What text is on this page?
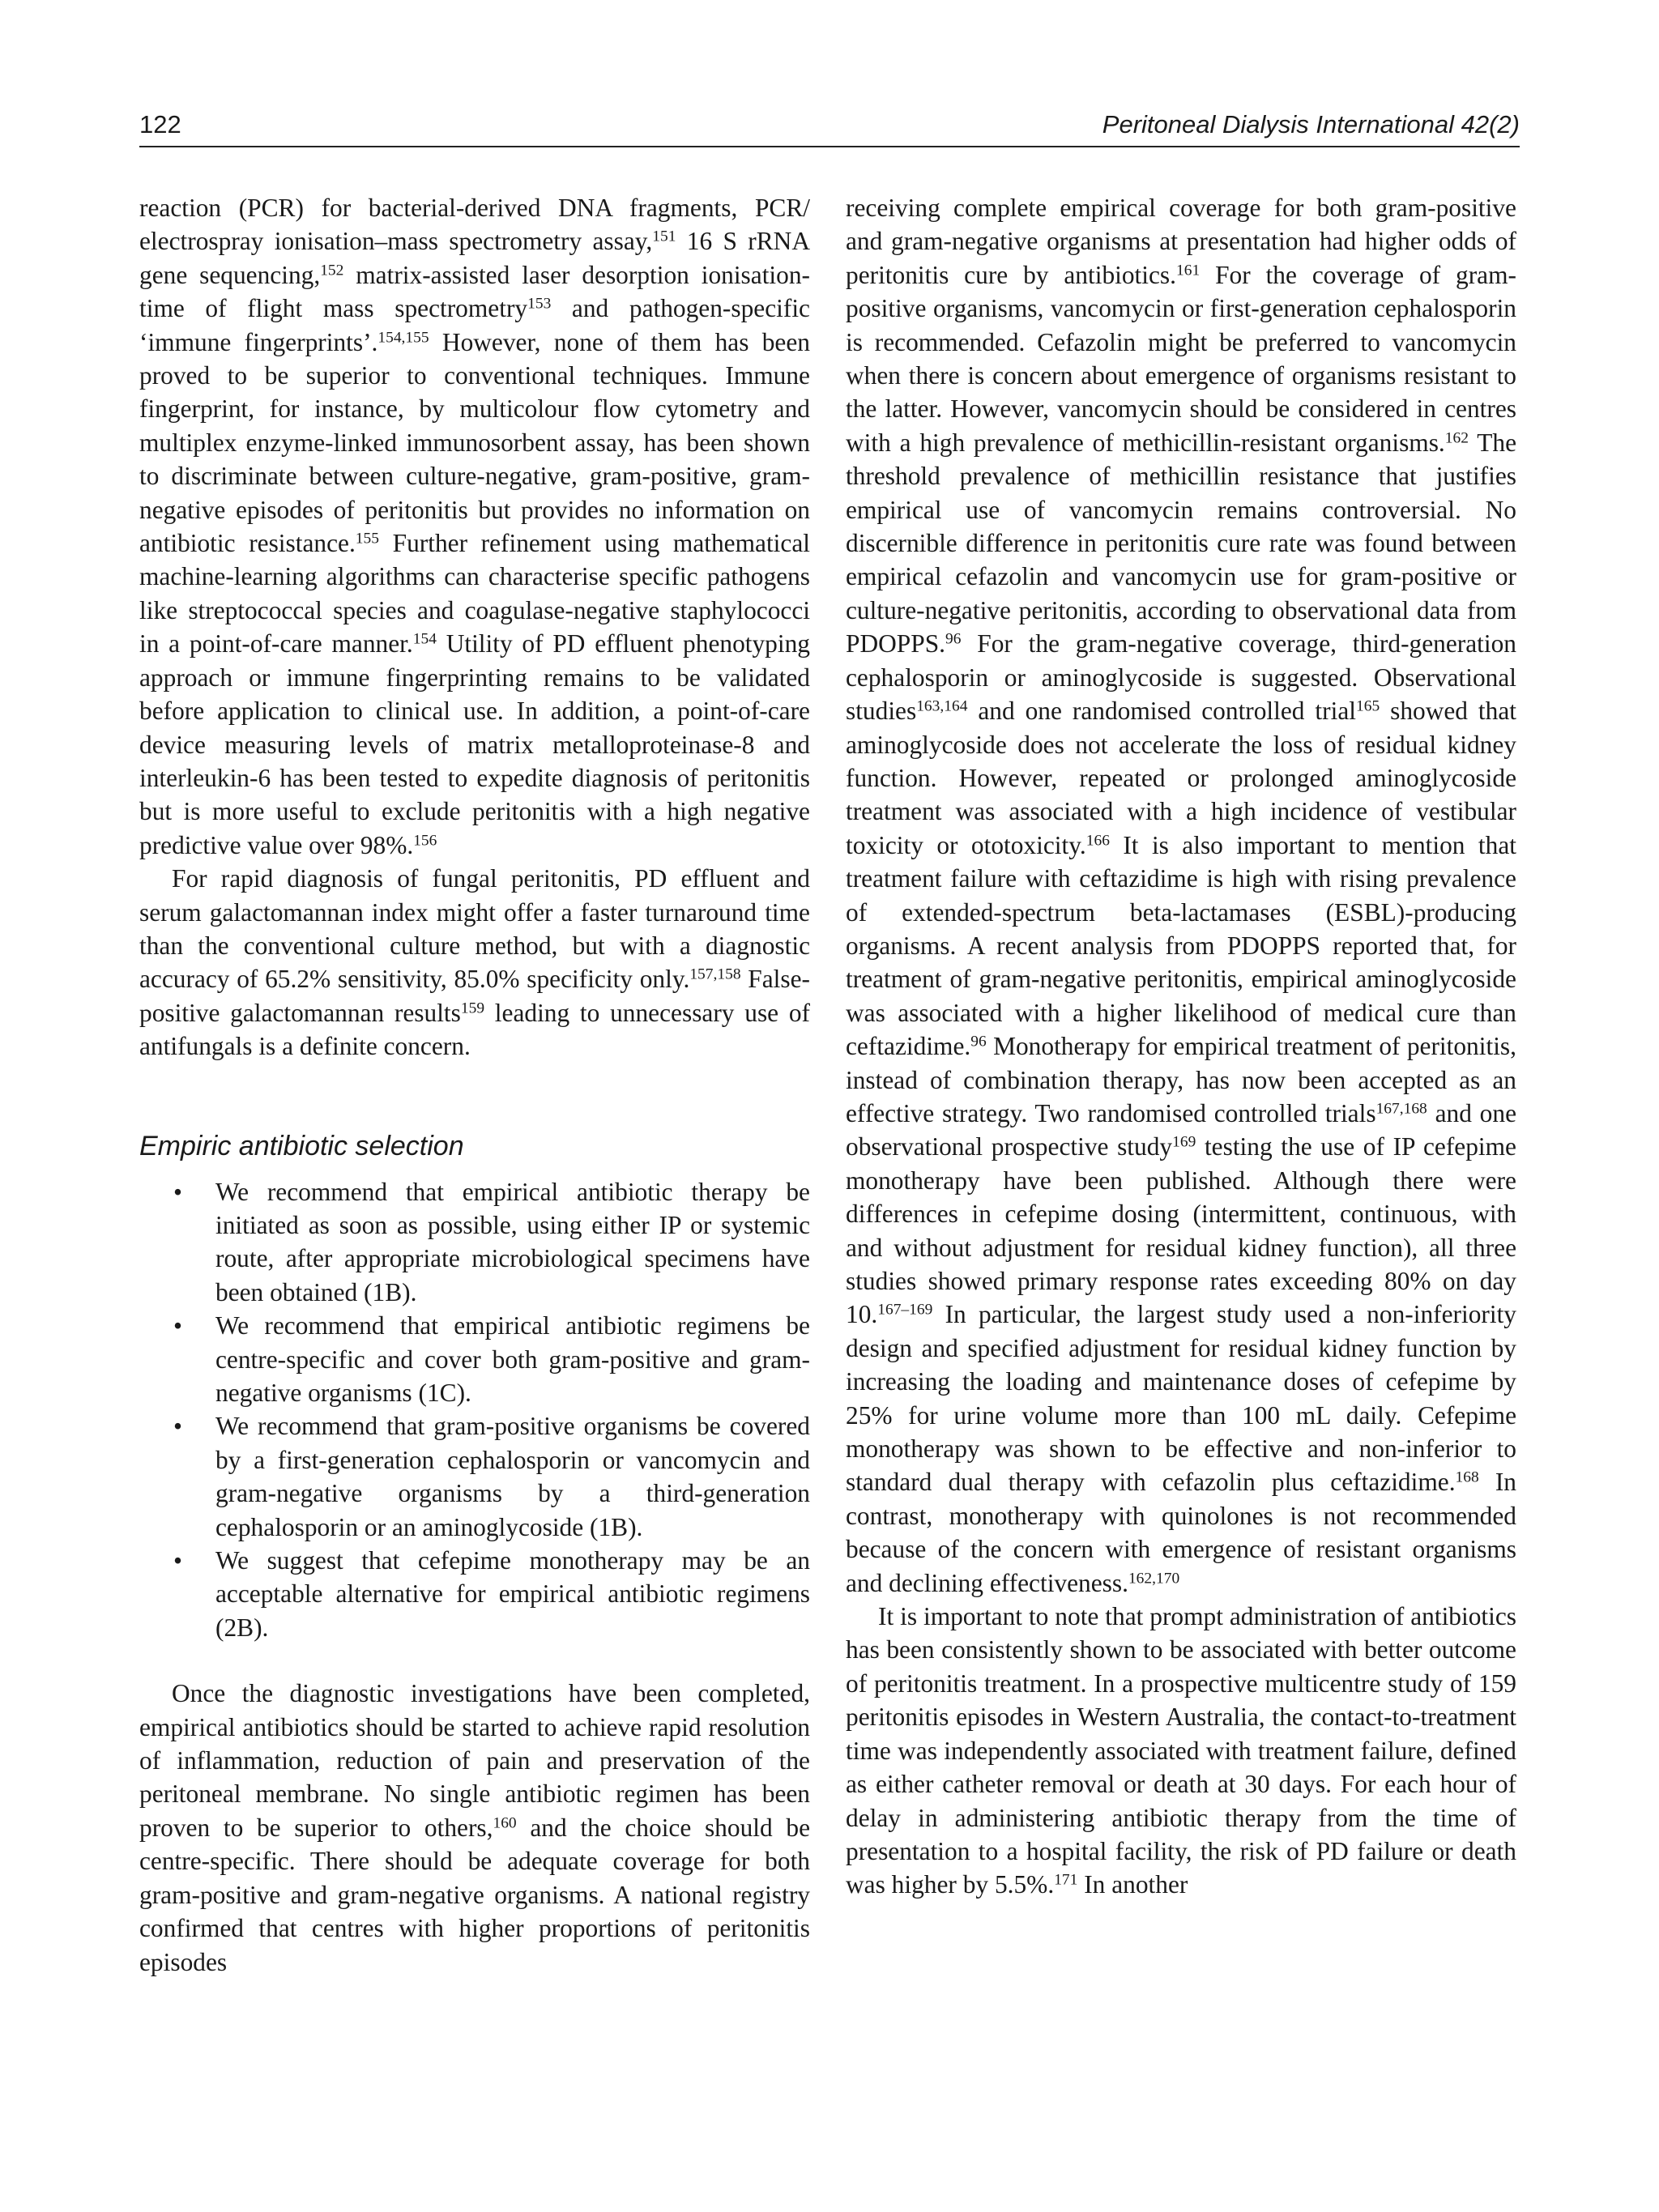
122	Peritoneal Dialysis International 42(2)

reaction (PCR) for bacterial-derived DNA fragments, PCR/ electrospray ionisation–mass spectrometry assay,$^{151}$ 16 S rRNA gene sequencing,$^{152}$ matrix-assisted laser desorption ionisation-time of flight mass spectrometry$^{153}$ and pathogen-specific ‘immune fingerprints’.$^{154,155}$ However, none of them has been proved to be superior to conventional techniques. Immune fingerprint, for instance, by multicolour flow cytometry and multiplex enzyme-linked immunosorbent assay, has been shown to discriminate between culture-negative, gram-positive, gram-negative episodes of peritonitis but provides no information on antibiotic resistance.$^{155}$ Further refinement using mathematical machine-learning algorithms can characterise specific pathogens like streptococcal species and coagulase-negative staphylococci in a point-of-care manner.$^{154}$ Utility of PD effluent phenotyping approach or immune fingerprinting remains to be validated before application to clinical use. In addition, a point-of-care device measuring levels of matrix metalloproteinase-8 and interleukin-6 has been tested to expedite diagnosis of peritonitis but is more useful to exclude peritonitis with a high negative predictive value over 98%.$^{156}$

For rapid diagnosis of fungal peritonitis, PD effluent and serum galactomannan index might offer a faster turnaround time than the conventional culture method, but with a diagnostic accuracy of 65.2% sensitivity, 85.0% specificity only.$^{157,158}$ False-positive galactomannan results$^{159}$ leading to unnecessary use of antifungals is a definite concern.

Empiric antibiotic selection
• We recommend that empirical antibiotic therapy be initiated as soon as possible, using either IP or systemic route, after appropriate microbiological specimens have been obtained (1B).
• We recommend that empirical antibiotic regimens be centre-specific and cover both gram-positive and gram-negative organisms (1C).
• We recommend that gram-positive organisms be covered by a first-generation cephalosporin or vancomycin and gram-negative organisms by a third-generation cephalosporin or an aminoglycoside (1B).
• We suggest that cefepime monotherapy may be an acceptable alternative for empirical antibiotic regimens (2B).

Once the diagnostic investigations have been completed, empirical antibiotics should be started to achieve rapid resolution of inflammation, reduction of pain and preservation of the peritoneal membrane. No single antibiotic regimen has been proven to be superior to others,$^{160}$ and the choice should be centre-specific. There should be adequate coverage for both gram-positive and gram-negative organisms. A national registry confirmed that centres with higher proportions of peritonitis episodes

receiving complete empirical coverage for both gram-positive and gram-negative organisms at presentation had higher odds of peritonitis cure by antibiotics.$^{161}$ For the coverage of gram-positive organisms, vancomycin or first-generation cephalosporin is recommended. Cefazolin might be preferred to vancomycin when there is concern about emergence of organisms resistant to the latter. However, vancomycin should be considered in centres with a high prevalence of methicillin-resistant organisms.$^{162}$ The threshold prevalence of methicillin resistance that justifies empirical use of vancomycin remains controversial. No discernible difference in peritonitis cure rate was found between empirical cefazolin and vancomycin use for gram-positive or culture-negative peritonitis, according to observational data from PDOPPS.$^{96}$ For the gram-negative coverage, third-generation cephalosporin or aminoglycoside is suggested. Observational studies$^{163,164}$ and one randomised controlled trial$^{165}$ showed that aminoglycoside does not accelerate the loss of residual kidney function. However, repeated or prolonged aminoglycoside treatment was associated with a high incidence of vestibular toxicity or ototoxicity.$^{166}$ It is also important to mention that treatment failure with ceftazidime is high with rising prevalence of extended-spectrum beta-lactamases (ESBL)-producing organisms. A recent analysis from PDOPPS reported that, for treatment of gram-negative peritonitis, empirical aminoglycoside was associated with a higher likelihood of medical cure than ceftazidime.$^{96}$ Monotherapy for empirical treatment of peritonitis, instead of combination therapy, has now been accepted as an effective strategy. Two randomised controlled trials$^{167,168}$ and one observational prospective study$^{169}$ testing the use of IP cefepime monotherapy have been published. Although there were differences in cefepime dosing (intermittent, continuous, with and without adjustment for residual kidney function), all three studies showed primary response rates exceeding 80% on day 10.$^{167-169}$ In particular, the largest study used a non-inferiority design and specified adjustment for residual kidney function by increasing the loading and maintenance doses of cefepime by 25% for urine volume more than 100 mL daily. Cefepime monotherapy was shown to be effective and non-inferior to standard dual therapy with cefazolin plus ceftazidime.$^{168}$ In contrast, monotherapy with quinolones is not recommended because of the concern with emergence of resistant organisms and declining effectiveness.$^{162,170}$

It is important to note that prompt administration of antibiotics has been consistently shown to be associated with better outcome of peritonitis treatment. In a prospective multicentre study of 159 peritonitis episodes in Western Australia, the contact-to-treatment time was independently associated with treatment failure, defined as either catheter removal or death at 30 days. For each hour of delay in administering antibiotic therapy from the time of presentation to a hospital facility, the risk of PD failure or death was higher by 5.5%.$^{171}$ In another
